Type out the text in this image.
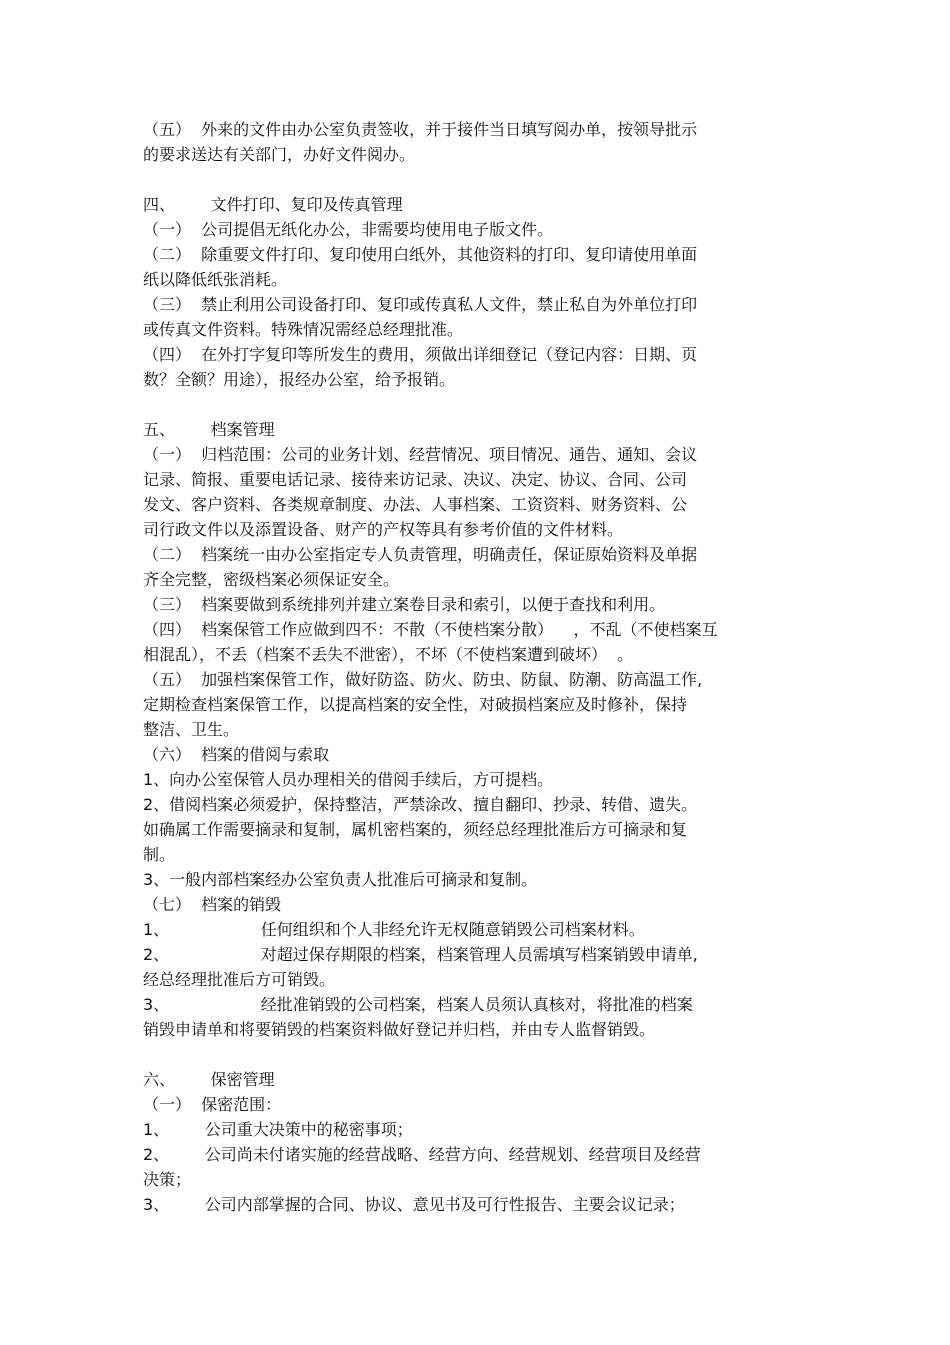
（五）  外来的文件由办公室负责签收，并于接件当日填写阅办单，按领导批示
的要求送达有关部门，办好文件阅办。
四、       文件打印、复印及传真管理
（一）  公司提倡无纸化办公，非需要均使用电子版文件。
（二）  除重要文件打印、复印使用白纸外，其他资料的打印、复印请使用单面
纸以降低纸张消耗。
（三）  禁止利用公司设备打印、复印或传真私人文件，禁止私自为外单位打印
或传真文件资料。特殊情况需经总经理批准。
（四）  在外打字复印等所发生的费用，须做出详细登记（登记内容：日期、页
数？全额？用途），报经办公室，给予报销。
五、       档案管理
（一）  归档范围：公司的业务计划、经营情况、项目情况、通告、通知、会议
记录、简报、重要电话记录、接待来访记录、决议、决定、协议、合同、公司
发文、客户资料、各类规章制度、办法、人事档案、工资资料、财务资料、公
司行政文件以及添置设备、财产的产权等具有参考价值的文件材料。
（二）  档案统一由办公室指定专人负责管理，明确责任，保证原始资料及单据
齐全完整，密级档案必须保证安全。
（三）  档案要做到系统排列并建立案卷目录和索引，以便于查找和利用。
（四）  档案保管工作应做到四不：不散（不使档案分散）    ，不乱（不使档案互
相混乱），不丢（档案不丢失不泄密），不坏（不使档案遭到破坏）  。
（五）  加强档案保管工作，做好防盗、防火、防虫、防鼠、防潮、防高温工作,
定期检查档案保管工作，以提高档案的安全性，对破损档案应及时修补，保持
整洁、卫生。
（六）  档案的借阅与索取
1、向办公室保管人员办理相关的借阅手续后，方可提档。
2、借阅档案必须爱护，保持整洁，严禁涂改、擅自翻印、抄录、转借、遗失。
如确属工作需要摘录和复制，属机密档案的，须经总经理批准后方可摘录和复
制。
3、一般内部档案经办公室负责人批准后可摘录和复制。
（七）  档案的销毁
1、                  任何组织和个人非经允许无权随意销毁公司档案材料。
2、                  对超过保存期限的档案，档案管理人员需填写档案销毁申请单,
经总经理批准后方可销毁。
3、                  经批准销毁的公司档案，档案人员须认真核对，将批准的档案
销毁申请单和将要销毁的档案资料做好登记并归档，并由专人监督销毁。
六、       保密管理
（一）  保密范围：
1、       公司重大决策中的秘密事项；
2、       公司尚未付诸实施的经营战略、经营方向、经营规划、经营项目及经营
决策；
3、       公司内部掌握的合同、协议、意见书及可行性报告、主要会议记录；
